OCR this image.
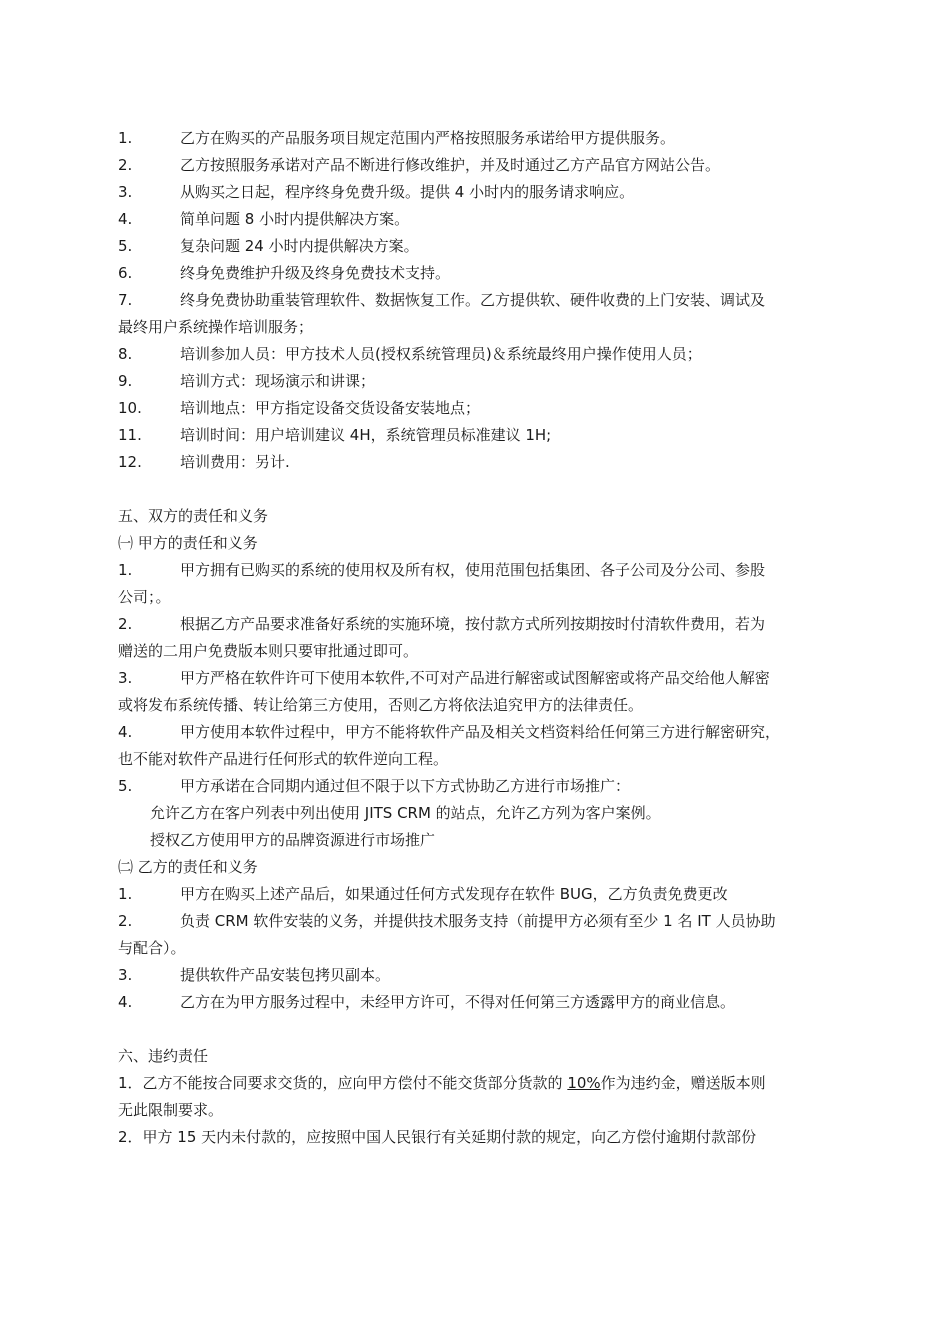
1.	乙方在购买的产品服务项目规定范围内严格按照服务承诺给甲方提供服务。
2.	乙方按照服务承诺对产品不断进行修改维护，并及时通过乙方产品官方网站公告。
3.	从购买之日起，程序终身免费升级。提供 4 小时内的服务请求响应。
4.	简单问题 8 小时内提供解决方案。
5.	复杂问题 24 小时内提供解决方案。
6.	终身免费维护升级及终身免费技术支持。
7.	终身免费协助重装管理软件、数据恢复工作。乙方提供软、硬件收费的上门安装、调试及
最终用户系统操作培训服务；
8.	培训参加人员：甲方技术人员(授权系统管理员)＆系统最终用户操作使用人员；
9.	培训方式：现场演示和讲课；
10.	培训地点：甲方指定设备交货设备安装地点；
11.	培训时间：用户培训建议 4H，系统管理员标准建议 1H;
12.	培训费用：另计.
五、双方的责任和义务
㈠ 甲方的责任和义务
1.	甲方拥有已购买的系统的使用权及所有权，使用范围包括集团、各子公司及分公司、参股
公司；。
2.	根据乙方产品要求准备好系统的实施环境，按付款方式所列按期按时付清软件费用，若为
赠送的二用户免费版本则只要审批通过即可。
3.	甲方严格在软件许可下使用本软件,不可对产品进行解密或试图解密或将产品交给他人解密
或将发布系统传播、转让给第三方使用，否则乙方将依法追究甲方的法律责任。
4.	甲方使用本软件过程中，甲方不能将软件产品及相关文档资料给任何第三方进行解密研究，
也不能对软件产品进行任何形式的软件逆向工程。
5.	甲方承诺在合同期内通过但不限于以下方式协助乙方进行市场推广：
允许乙方在客户列表中列出使用 JITS CRM 的站点，允许乙方列为客户案例。
授权乙方使用甲方的品牌资源进行市场推广
㈡ 乙方的责任和义务
1.	甲方在购买上述产品后，如果通过任何方式发现存在软件 BUG，乙方负责免费更改
2.	负责 CRM 软件安装的义务，并提供技术服务支持（前提甲方必须有至少 1 名 IT 人员协助
与配合）。
3.	提供软件产品安装包拷贝副本。
4.	乙方在为甲方服务过程中，未经甲方许可，不得对任何第三方透露甲方的商业信息。
六、违约责任
1．乙方不能按合同要求交货的，应向甲方偿付不能交货部分货款的 10%作为违约金，赠送版本则
无此限制要求。
2．甲方 15 天内未付款的，应按照中国人民银行有关延期付款的规定，向乙方偿付逾期付款部份
